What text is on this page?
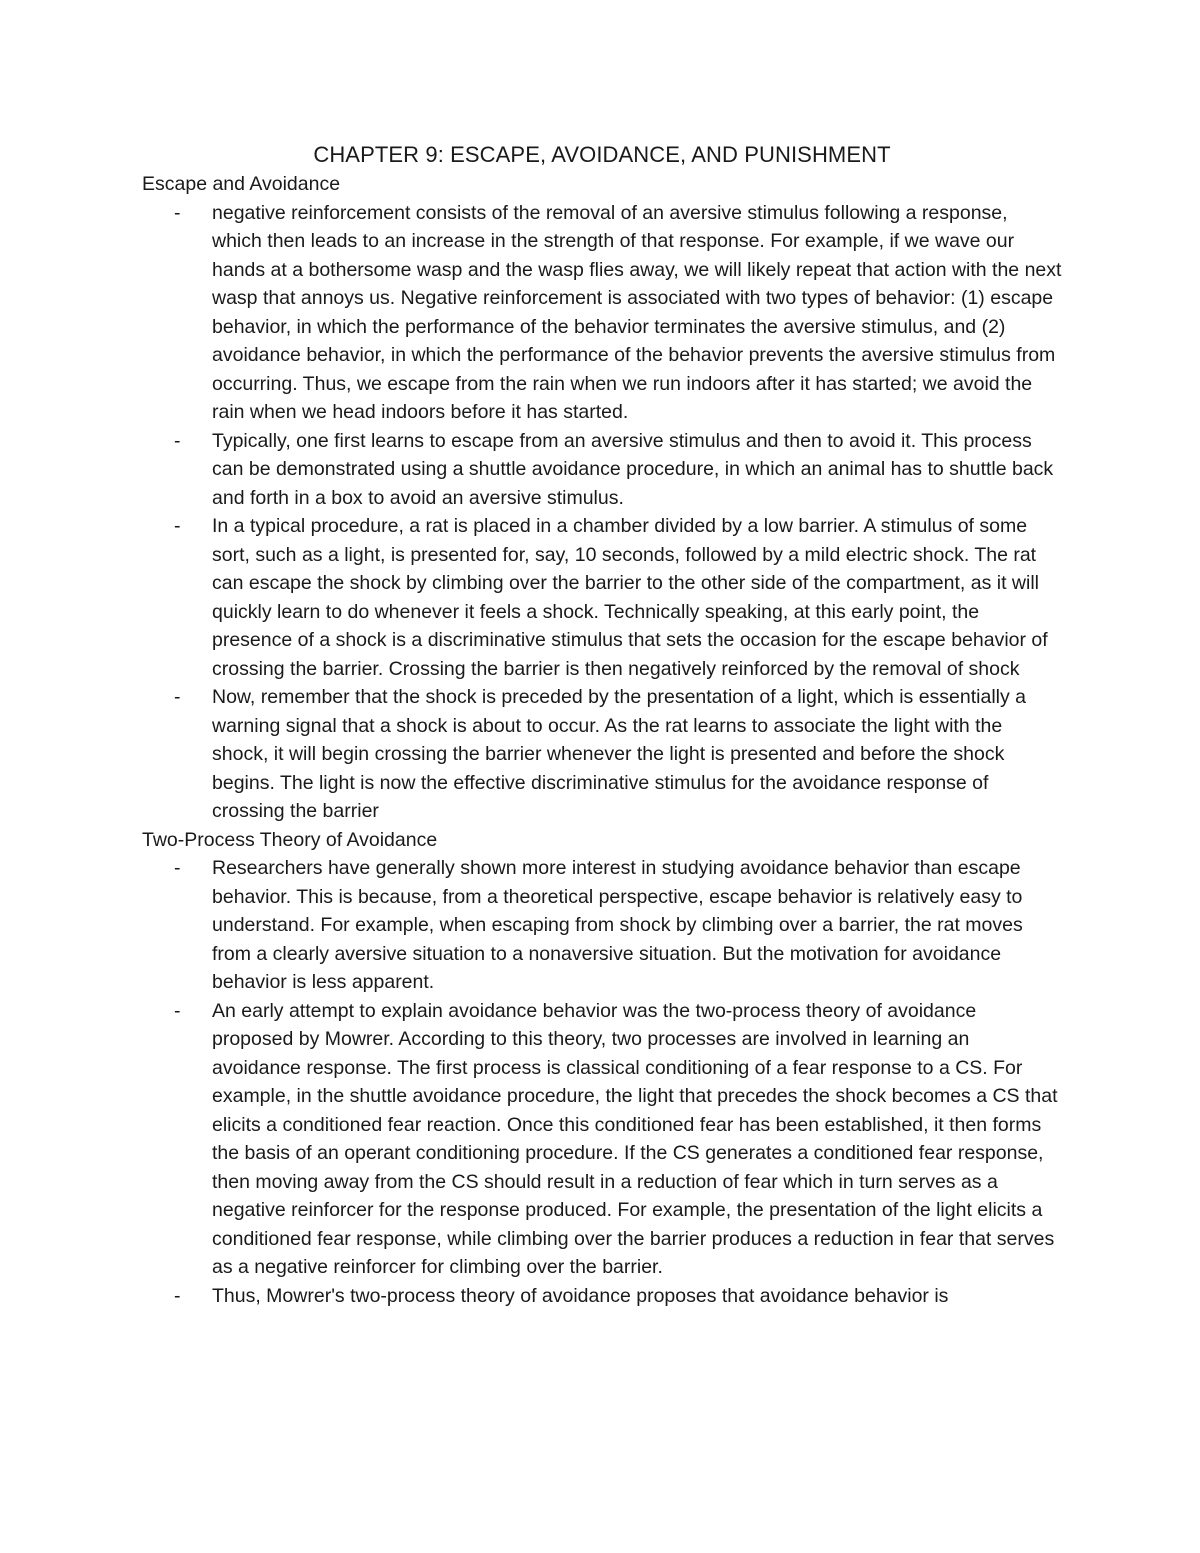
CHAPTER 9: ESCAPE, AVOIDANCE, AND PUNISHMENT
Escape and Avoidance
- negative reinforcement consists of the removal of an aversive stimulus following a response, which then leads to an increase in the strength of that response. For example, if we wave our hands at a bothersome wasp and the wasp flies away, we will likely repeat that action with the next wasp that annoys us. Negative reinforcement is associated with two types of behavior: (1) escape behavior, in which the performance of the behavior terminates the aversive stimulus, and (2) avoidance behavior, in which the performance of the behavior prevents the aversive stimulus from occurring. Thus, we escape from the rain when we run indoors after it has started; we avoid the rain when we head indoors before it has started.
- Typically, one first learns to escape from an aversive stimulus and then to avoid it. This process can be demonstrated using a shuttle avoidance procedure, in which an animal has to shuttle back and forth in a box to avoid an aversive stimulus.
- In a typical procedure, a rat is placed in a chamber divided by a low barrier. A stimulus of some sort, such as a light, is presented for, say, 10 seconds, followed by a mild electric shock. The rat can escape the shock by climbing over the barrier to the other side of the compartment, as it will quickly learn to do whenever it feels a shock. Technically speaking, at this early point, the presence of a shock is a discriminative stimulus that sets the occasion for the escape behavior of crossing the barrier. Crossing the barrier is then negatively reinforced by the removal of shock
- Now, remember that the shock is preceded by the presentation of a light, which is essentially a warning signal that a shock is about to occur. As the rat learns to associate the light with the shock, it will begin crossing the barrier whenever the light is presented and before the shock begins. The light is now the effective discriminative stimulus for the avoidance response of crossing the barrier
Two-Process Theory of Avoidance
- Researchers have generally shown more interest in studying avoidance behavior than escape behavior. This is because, from a theoretical perspective, escape behavior is relatively easy to understand. For example, when escaping from shock by climbing over a barrier, the rat moves from a clearly aversive situation to a nonaversive situation. But the motivation for avoidance behavior is less apparent.
- An early attempt to explain avoidance behavior was the two-process theory of avoidance proposed by Mowrer. According to this theory, two processes are involved in learning an avoidance response. The first process is classical conditioning of a fear response to a CS. For example, in the shuttle avoidance procedure, the light that precedes the shock becomes a CS that elicits a conditioned fear reaction. Once this conditioned fear has been established, it then forms the basis of an operant conditioning procedure. If the CS generates a conditioned fear response, then moving away from the CS should result in a reduction of fear which in turn serves as a negative reinforcer for the response produced. For example, the presentation of the light elicits a conditioned fear response, while climbing over the barrier produces a reduction in fear that serves as a negative reinforcer for climbing over the barrier.
- Thus, Mowrer's two-process theory of avoidance proposes that avoidance behavior is
